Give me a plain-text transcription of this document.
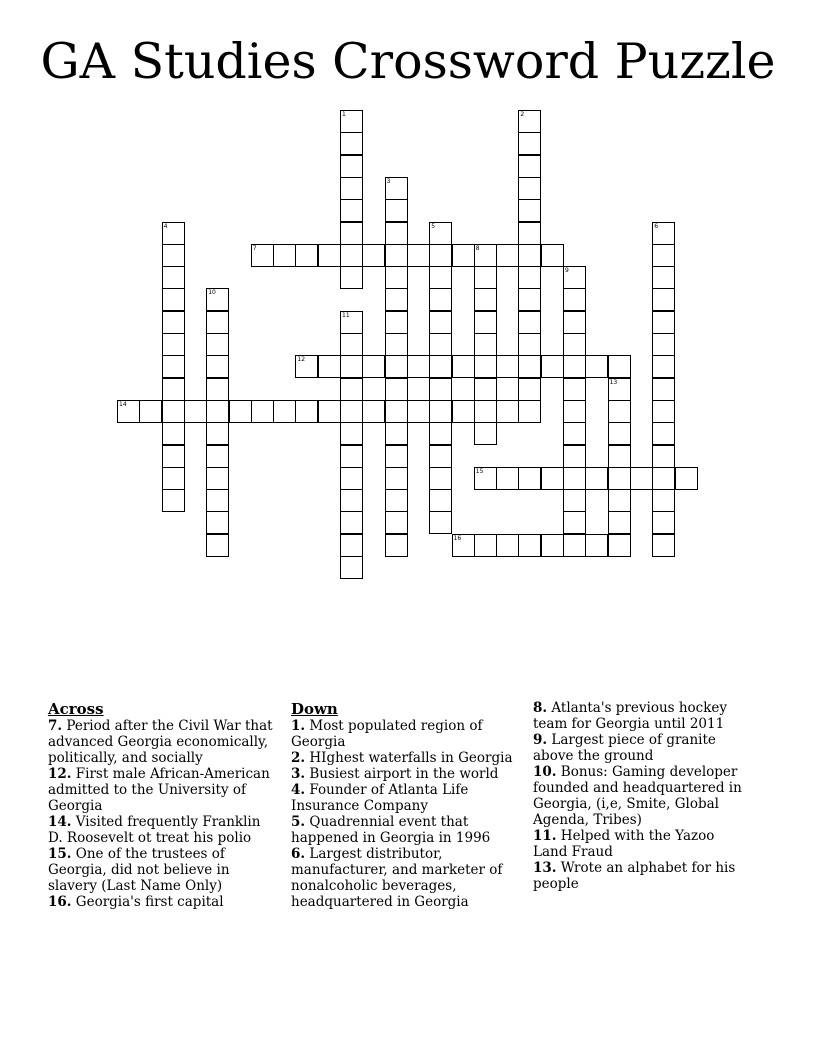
GA Studies Crossword Puzzle
1	2
3
4	5	6
7	8
9
10
11
12
13
14
15
16
Across
7. Period after the Civil War that advanced Georgia economically, politically, and socially
12. First male African-American admitted to the University of Georgia
14. Visited frequently Franklin D. Roosevelt ot treat his polio
15. One of the trustees of Georgia, did not believe in slavery (Last Name Only)
16. Georgia's first capital
Down
1. Most populated region of Georgia
2. HIghest waterfalls in Georgia
3. Busiest airport in the world
4. Founder of Atlanta Life Insurance Company
5. Quadrennial event that happened in Georgia in 1996
6. Largest distributor, manufacturer, and marketer of nonalcoholic beverages, headquartered in Georgia
8. Atlanta's previous hockey team for Georgia until 2011
9. Largest piece of granite above the ground
10. Bonus: Gaming developer founded and headquartered in Georgia, (i,e, Smite, Global Agenda, Tribes)
11. Helped with the Yazoo Land Fraud
13. Wrote an alphabet for his people
